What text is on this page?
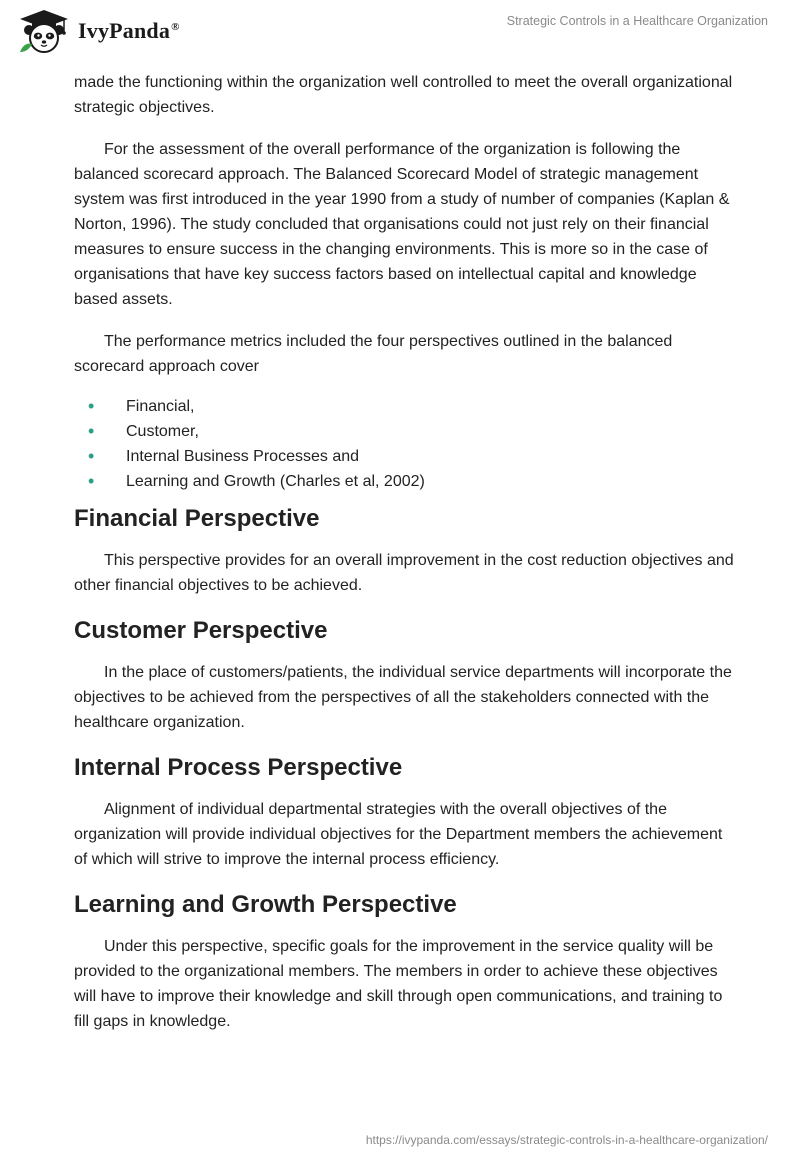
IvyPanda®	Strategic Controls in a Healthcare Organization

made the functioning within the organization well controlled to meet the overall organizational strategic objectives.

For the assessment of the overall performance of the organization is following the balanced scorecard approach. The Balanced Scorecard Model of strategic management system was first introduced in the year 1990 from a study of number of companies (Kaplan & Norton, 1996). The study concluded that organisations could not just rely on their financial measures to ensure success in the changing environments. This is more so in the case of organisations that have key success factors based on intellectual capital and knowledge based assets.

The performance metrics included the four perspectives outlined in the balanced scorecard approach cover

• Financial,
• Customer,
• Internal Business Processes and
• Learning and Growth (Charles et al, 2002)
Financial Perspective

This perspective provides for an overall improvement in the cost reduction objectives and other financial objectives to be achieved.

Customer Perspective

In the place of customers/patients, the individual service departments will incorporate the objectives to be achieved from the perspectives of all the stakeholders connected with the healthcare organization.

Internal Process Perspective

Alignment of individual departmental strategies with the overall objectives of the organization will provide individual objectives for the Department members the achievement of which will strive to improve the internal process efficiency.

Learning and Growth Perspective

Under this perspective, specific goals for the improvement in the service quality will be provided to the organizational members. The members in order to achieve these objectives will have to improve their knowledge and skill through open communications, and training to fill gaps in knowledge.

https://ivypanda.com/essays/strategic-controls-in-a-healthcare-organization/
